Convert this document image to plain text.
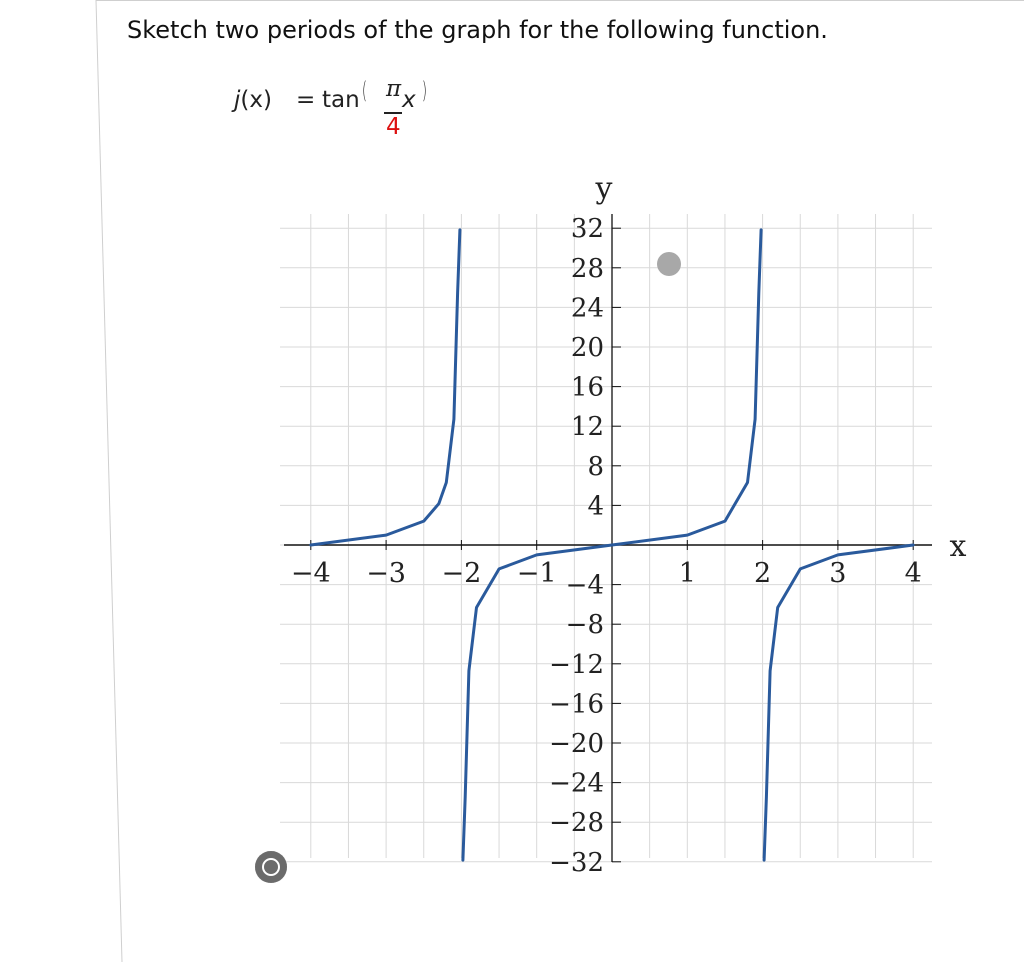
Sketch two periods of the graph for the following function.
j(x) = tan ( π
4
x )
−4 −3 −2 −1	1 2 3 4
32
28
24
20
16
12
8
4
−4
−8
−12
−16
−20
−24
−28
−32
x
y
